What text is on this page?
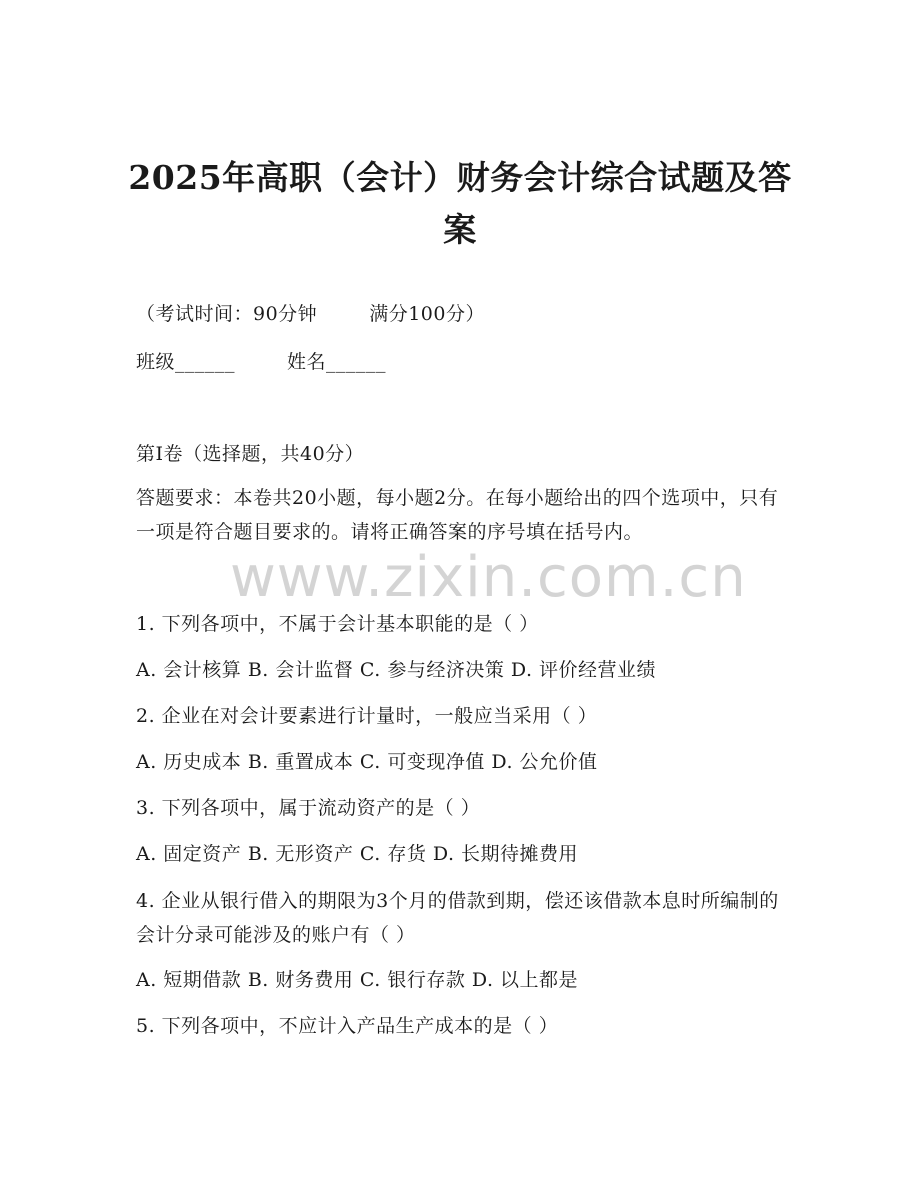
2025年高职（会计）财务会计综合试题及答案
（考试时间：90分钟	满分100分）
班级______	姓名______
第I卷（选择题，共40分）
答题要求：本卷共20小题，每小题2分。在每小题给出的四个选项中，只有一项是符合题目要求的。请将正确答案的序号填在括号内。
www.zixin.com.cn
1. 下列各项中，不属于会计基本职能的是（ ）
A. 会计核算 B. 会计监督 C. 参与经济决策 D. 评价经营业绩
2. 企业在对会计要素进行计量时，一般应当采用（ ）
A. 历史成本 B. 重置成本 C. 可变现净值 D. 公允价值
3. 下列各项中，属于流动资产的是（ ）
A. 固定资产 B. 无形资产 C. 存货 D. 长期待摊费用
4. 企业从银行借入的期限为3个月的借款到期，偿还该借款本息时所编制的会计分录可能涉及的账户有（ ）
A. 短期借款 B. 财务费用 C. 银行存款 D. 以上都是
5. 下列各项中，不应计入产品生产成本的是（ ）
